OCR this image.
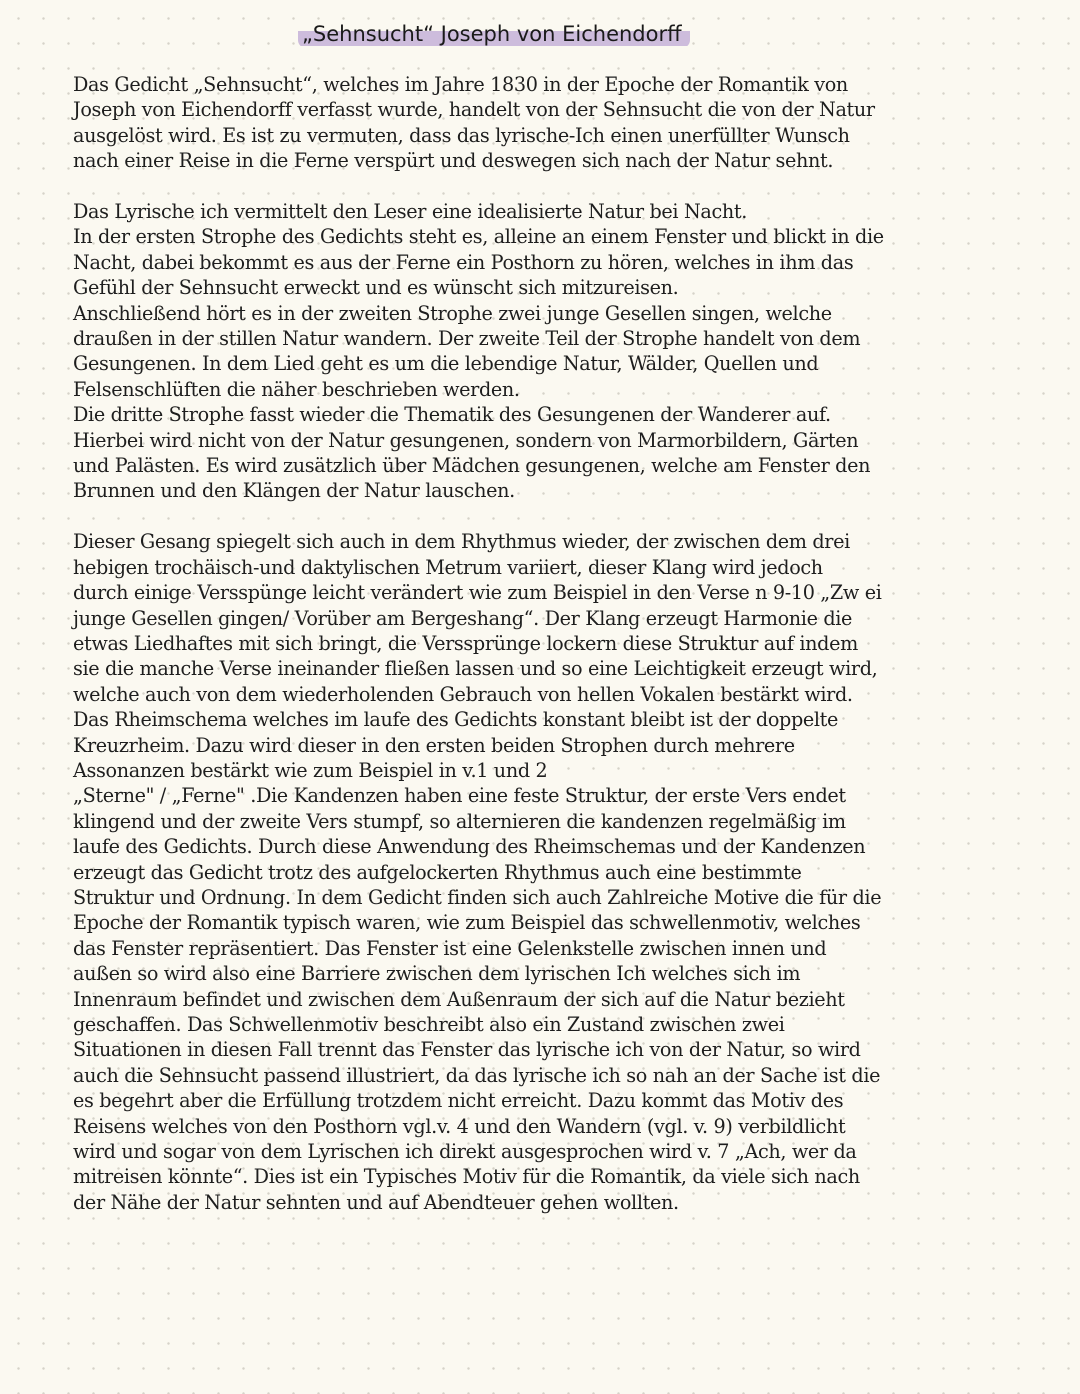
„Sehnsucht“ Joseph von Eichendorff

Das Gedicht „Sehnsucht“, welches im Jahre 1830 in der Epoche der Romantik von
Joseph von Eichendorff verfasst wurde, handelt von der Sehnsucht die von der Natur
ausgelöst wird. Es ist zu vermuten, dass das lyrische-Ich einen unerfüllter Wunsch
nach einer Reise in die Ferne verspürt und deswegen sich nach der Natur sehnt.

Das Lyrische ich vermittelt den Leser eine idealisierte Natur bei Nacht.
In der ersten Strophe des Gedichts steht es, alleine an einem Fenster und blickt in die
Nacht, dabei bekommt es aus der Ferne ein Posthorn zu hören, welches in ihm das
Gefühl der Sehnsucht erweckt und es wünscht sich mitzureisen.
Anschließend hört es in der zweiten Strophe zwei junge Gesellen singen, welche
draußen in der stillen Natur wandern. Der zweite Teil der Strophe handelt von dem
Gesungenen. In dem Lied geht es um die lebendige Natur, Wälder, Quellen und
Felsenschlüften die näher beschrieben werden.
Die dritte Strophe fasst wieder die Thematik des Gesungenen der Wanderer auf.
Hierbei wird nicht von der Natur gesungenen, sondern von Marmorbildern, Gärten
und Palästen. Es wird zusätzlich über Mädchen gesungenen, welche am Fenster den
Brunnen und den Klängen der Natur lauschen.

Dieser Gesang spiegelt sich auch in dem Rhythmus wieder, der zwischen dem drei
hebigen trochäisch-und daktylischen Metrum variiert, dieser Klang wird jedoch
durch einige Versspünge leicht verändert wie zum Beispiel in den Verse n 9-10 „Zw ei
junge Gesellen gingen/ Vorüber am Bergeshang“. Der Klang erzeugt Harmonie die
etwas Liedhaftes mit sich bringt, die Verssprünge lockern diese Struktur auf indem
sie die manche Verse ineinander fließen lassen und so eine Leichtigkeit erzeugt wird,
welche auch von dem wiederholenden Gebrauch von hellen Vokalen bestärkt wird.
Das Rheimschema welches im laufe des Gedichts konstant bleibt ist der doppelte
Kreuzrheim. Dazu wird dieser in den ersten beiden Strophen durch mehrere
Assonanzen bestärkt wie zum Beispiel in v.1 und 2
„Sterne" / „Ferne" .Die Kandenzen haben eine feste Struktur, der erste Vers endet
klingend und der zweite Vers stumpf, so alternieren die kandenzen regelmäßig im
laufe des Gedichts. Durch diese Anwendung des Rheimschemas und der Kandenzen
erzeugt das Gedicht trotz des aufgelockerten Rhythmus auch eine bestimmte
Struktur und Ordnung. In dem Gedicht finden sich auch Zahlreiche Motive die für die
Epoche der Romantik typisch waren, wie zum Beispiel das schwellenmotiv, welches
das Fenster repräsentiert. Das Fenster ist eine Gelenkstelle zwischen innen und
außen so wird also eine Barriere zwischen dem lyrischen Ich welches sich im
Innenraum befindet und zwischen dem Außenraum der sich auf die Natur bezieht
geschaffen. Das Schwellenmotiv beschreibt also ein Zustand zwischen zwei
Situationen in diesen Fall trennt das Fenster das lyrische ich von der Natur, so wird
auch die Sehnsucht passend illustriert, da das lyrische ich so nah an der Sache ist die
es begehrt aber die Erfüllung trotzdem nicht erreicht. Dazu kommt das Motiv des
Reisens welches von den Posthorn vgl.v. 4 und den Wandern (vgl. v. 9) verbildlicht
wird und sogar von dem Lyrischen ich direkt ausgesprochen wird v. 7 „Ach, wer da
mitreisen könnte“. Dies ist ein Typisches Motiv für die Romantik, da viele sich nach
der Nähe der Natur sehnten und auf Abendteuer gehen wollten.
